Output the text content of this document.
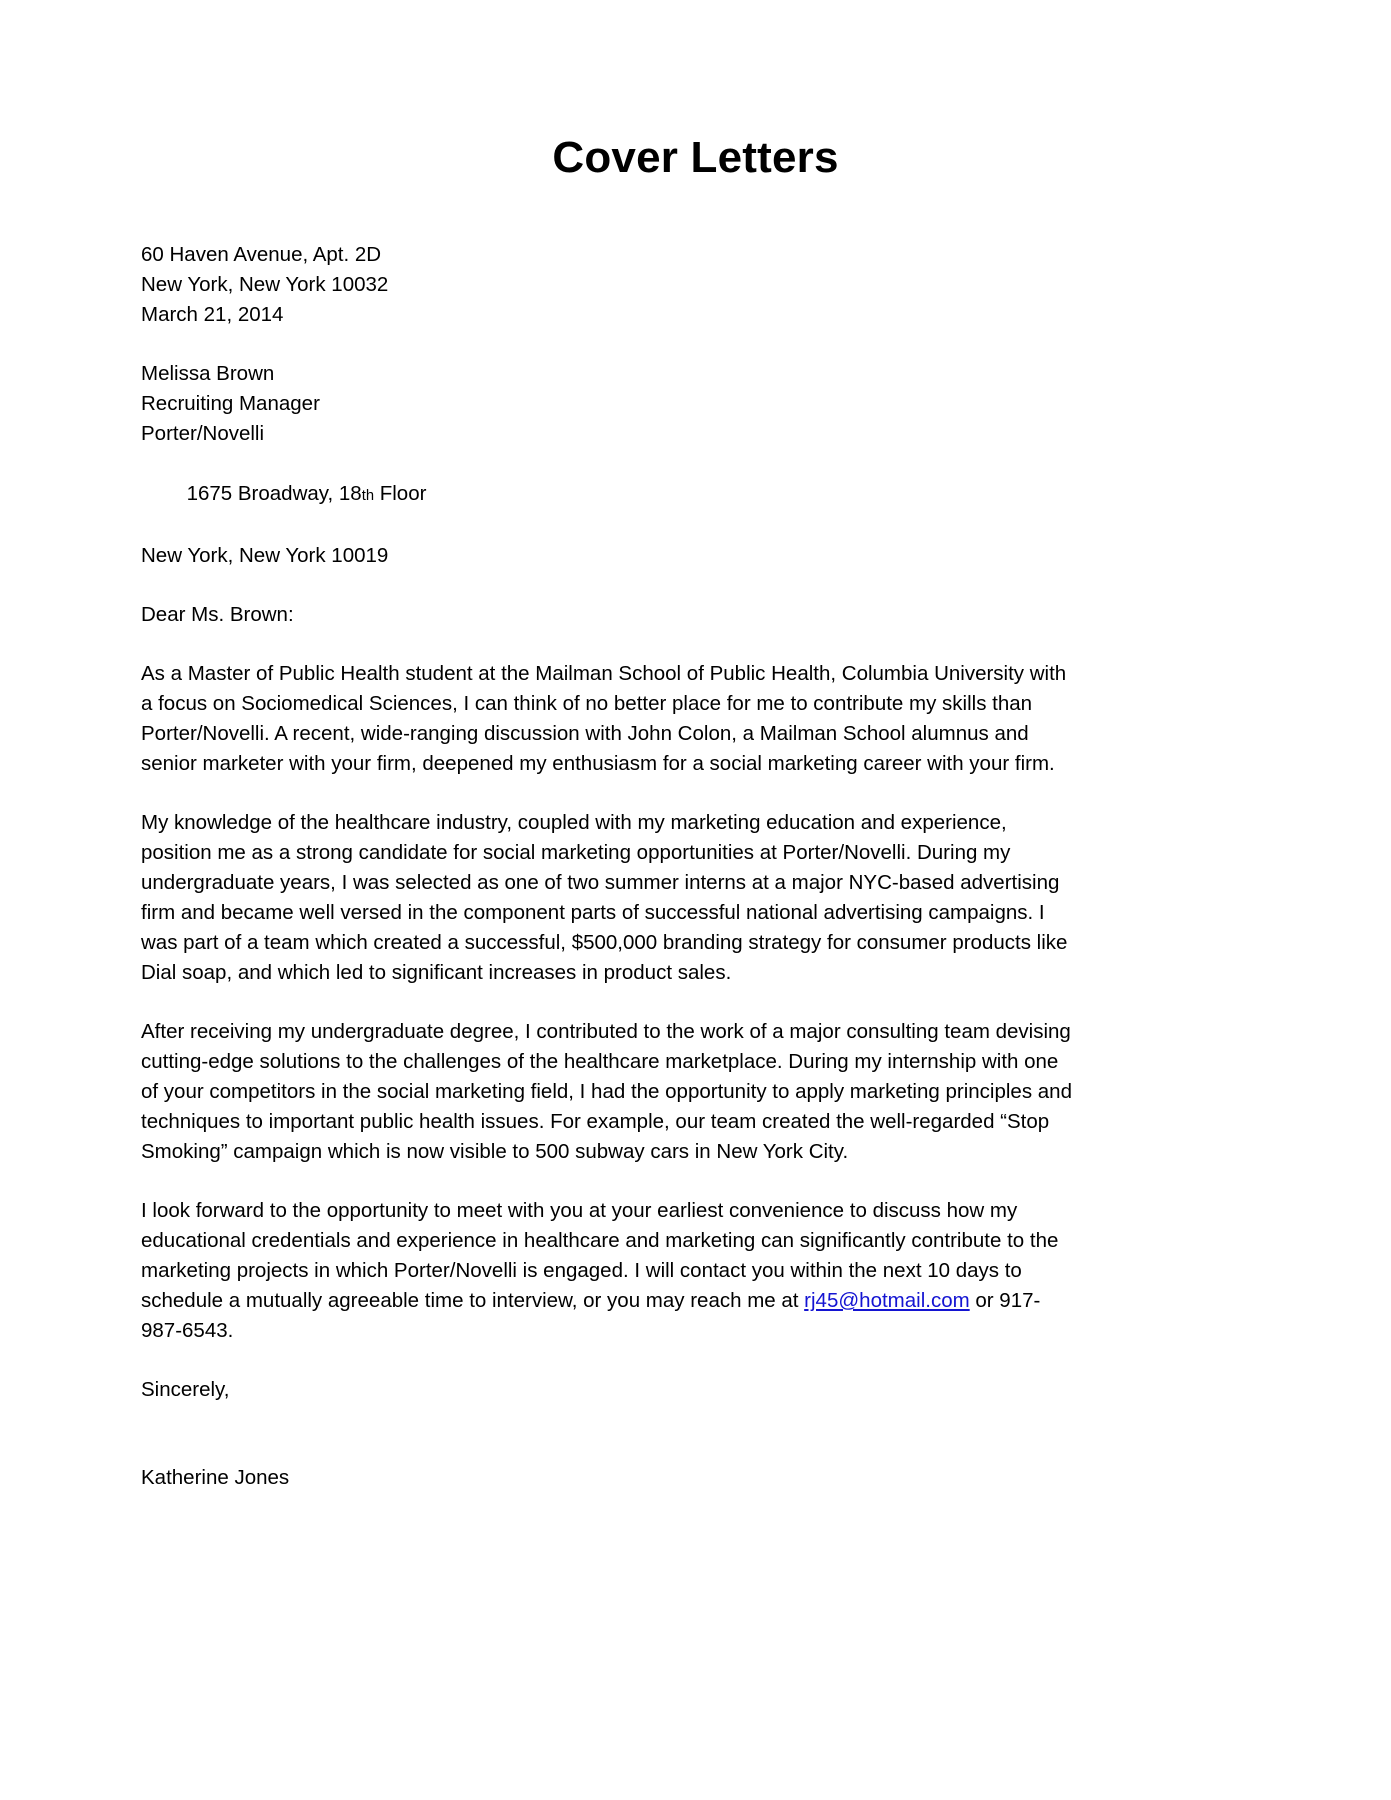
Cover Letters
60 Haven Avenue, Apt. 2D
New York, New York 10032
March 21, 2014
Melissa Brown
Recruiting Manager
Porter/Novelli

1675 Broadway, 18th Floor

New York, New York 10019
Dear Ms. Brown:

As a Master of Public Health student at the Mailman School of Public Health, Columbia University with a focus on Sociomedical Sciences, I can think of no better place for me to contribute my skills than Porter/Novelli. A recent, wide-ranging discussion with John Colon, a Mailman School alumnus and senior marketer with your firm, deepened my enthusiasm for a social marketing career with your firm.

My knowledge of the healthcare industry, coupled with my marketing education and experience, position me as a strong candidate for social marketing opportunities at Porter/Novelli. During my undergraduate years, I was selected as one of two summer interns at a major NYC-based advertising firm and became well versed in the component parts of successful national advertising campaigns. I was part of a team which created a successful, $500,000 branding strategy for consumer products like Dial soap, and which led to significant increases in product sales.

After receiving my undergraduate degree, I contributed to the work of a major consulting team devising cutting-edge solutions to the challenges of the healthcare marketplace. During my internship with one of your competitors in the social marketing field, I had the opportunity to apply marketing principles and techniques to important public health issues. For example, our team created the well-regarded “Stop Smoking” campaign which is now visible to 500 subway cars in New York City.

I look forward to the opportunity to meet with you at your earliest convenience to discuss how my educational credentials and experience in healthcare and marketing can significantly contribute to the marketing projects in which Porter/Novelli is engaged. I will contact you within the next 10 days to schedule a mutually agreeable time to interview, or you may reach me at rj45@hotmail.com or 917-987-6543.

Sincerely,
Katherine Jones
